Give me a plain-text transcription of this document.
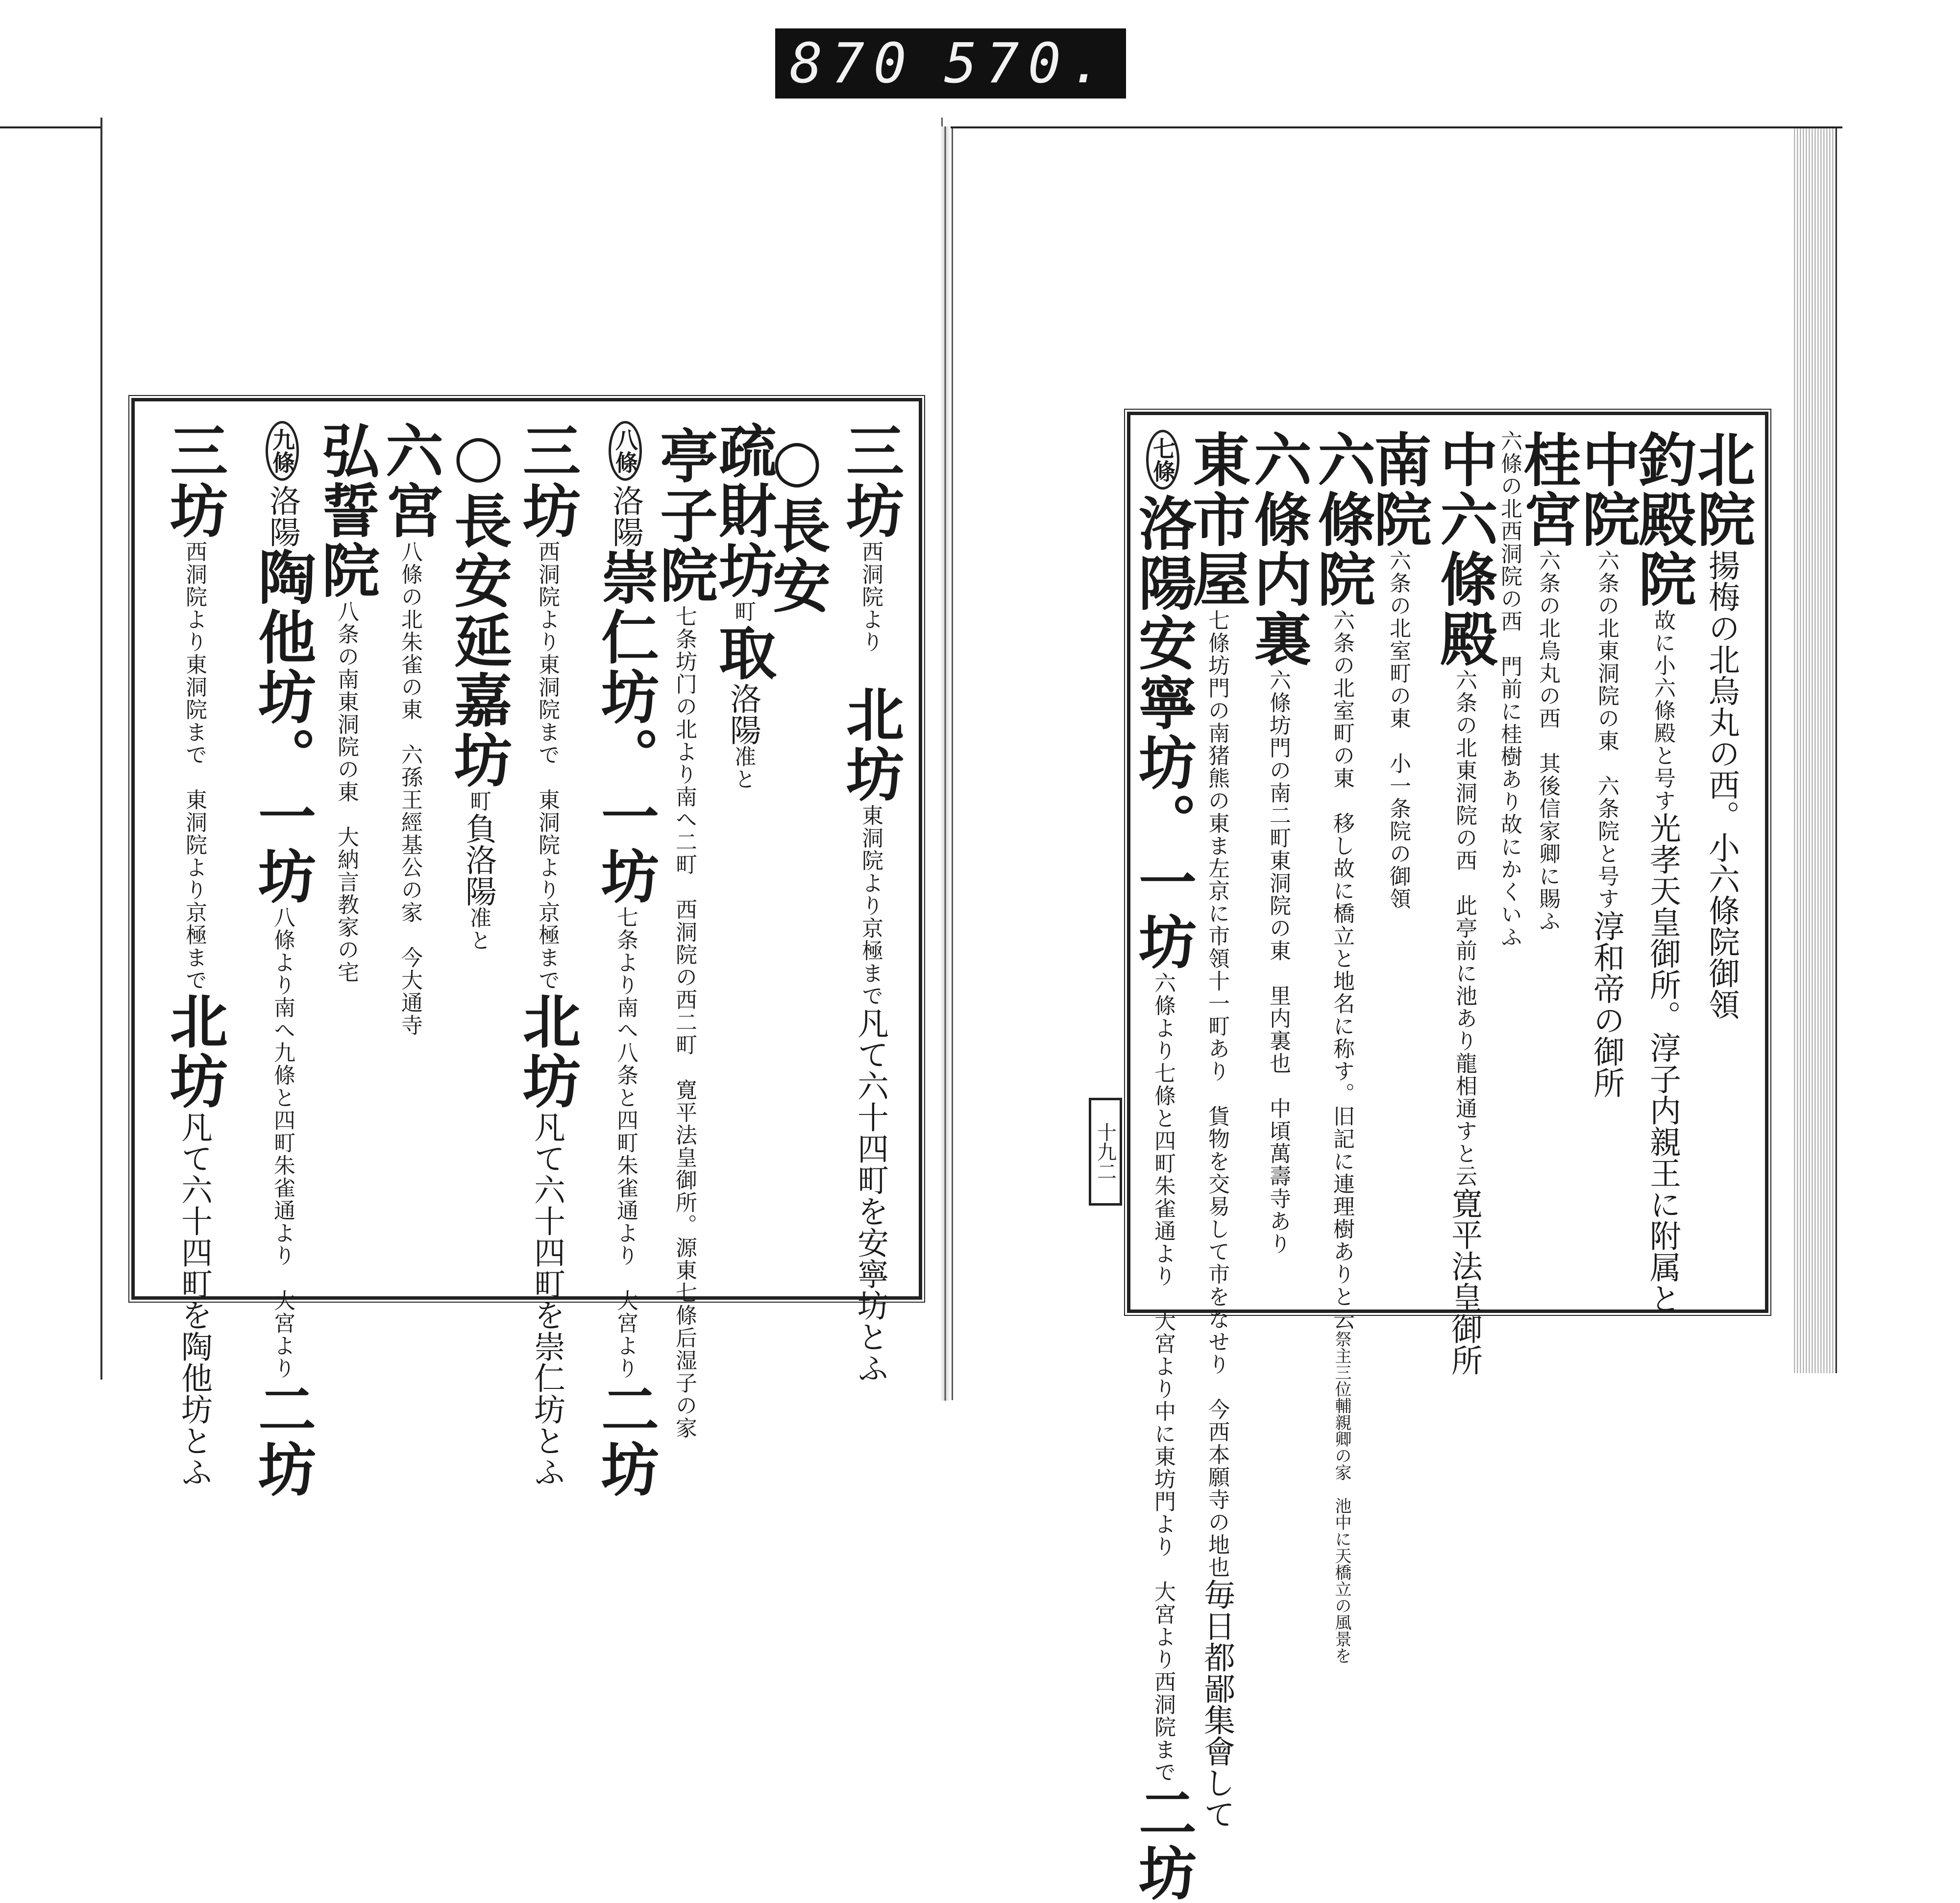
870 570.
三坊西洞院より　北坊東洞院より京極まで凡て六十四町を安寧坊とふ
○長安
疏財坊町取洛陽准と
亭子院七条坊门の北より南へ二町　西洞院の西二町　寛平法皇御所。源東七條后湿子の家
八條洛陽崇仁坊。一坊七条より南へ八条と四町朱雀通より　大宮より二坊
三坊西洞院より東洞院まで　東洞院より京極まで北坊凡て六十四町を崇仁坊とふ
○長安延嘉坊町負洛陽准と
六宮八條の北朱雀の東　六孫王經基公の家　今大通寺
弘誓院八条の南東洞院の東　大納言教家の宅
九條洛陽陶他坊。一坊八條より南へ九條と四町朱雀通より　大宮より二坊
三坊西洞院より東洞院まで　東洞院より京極まで北坊凡て六十四町を陶他坊とふ
北院揚梅の北烏丸の西。小六條院御領
釣殿院故に小六條殿と号す光孝天皇御所。淳子内親王に附属と
中院六条の北東洞院の東　六条院と号す淳和帝の御所
桂宮六条の北烏丸の西　其後信家卿に賜ふ
六條の北西洞院の西　門前に桂樹あり故にかくいふ
中六條殿六条の北東洞院の西　此亭前に池あり龍相通すと云寛平法皇御所
南院六条の北室町の東　小一条院の御領
六條院六条の北室町の東　移し故に橋立と地名に称す。旧記に連理樹ありと云祭主三位輔親卿の家　池中に天橋立の風景を
六條内裏六條坊門の南二町東洞院の東　里内裏也　中頃萬壽寺あり
東市屋七條坊門の南猪熊の東ま左京に市領十一町あり　貨物を交易して市をなせり　今西本願寺の地也毎日都鄙集會して
七條洛陽安寧坊。一坊六條より七條と四町朱雀通より　大宮より中に東坊門より　大宮より西洞院まで二坊
十九二
